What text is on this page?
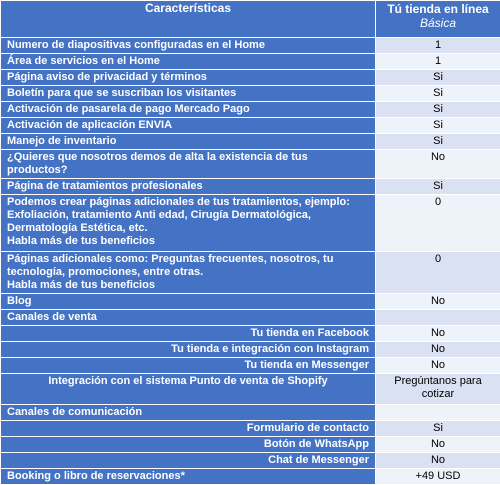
Características	Tú tienda en línea
Básica

Numero de diapositivas configuradas en el Home	1
Área de servicios en el Home	1
Página aviso de privacidad y términos	Si
Boletín para que se suscriban los visitantes	Si
Activación de pasarela de pago Mercado Pago	Si
Activación de aplicación ENVIA	Si
Manejo de inventario	Si
¿Quieres que nosotros demos de alta la existencia de tus productos?	No
Página de tratamientos profesionales	Si

Podemos crear páginas adicionales de tus tratamientos, ejemplo: Exfoliación, tratamiento Anti edad, Cirugía Dermatológica, Dermatología Estética, etc.
Habla más de tus beneficios	0

Páginas adicionales como: Preguntas frecuentes, nosotros, tu tecnología, promociones, entre otras.
Habla más de tus beneficios	0
Blog	No
Canales de venta	
Tu tienda en Facebook	No
Tu tienda e integración con Instagram	No
Tu tienda en Messenger	No
Integración con el sistema Punto de venta de Shopify	Pregúntanos para cotizar
Canales de comunicación	
Formulario de contacto	Si
Botón de WhatsApp	No
Chat de Messenger	No
Booking o libro de reservaciones*	+49 USD
